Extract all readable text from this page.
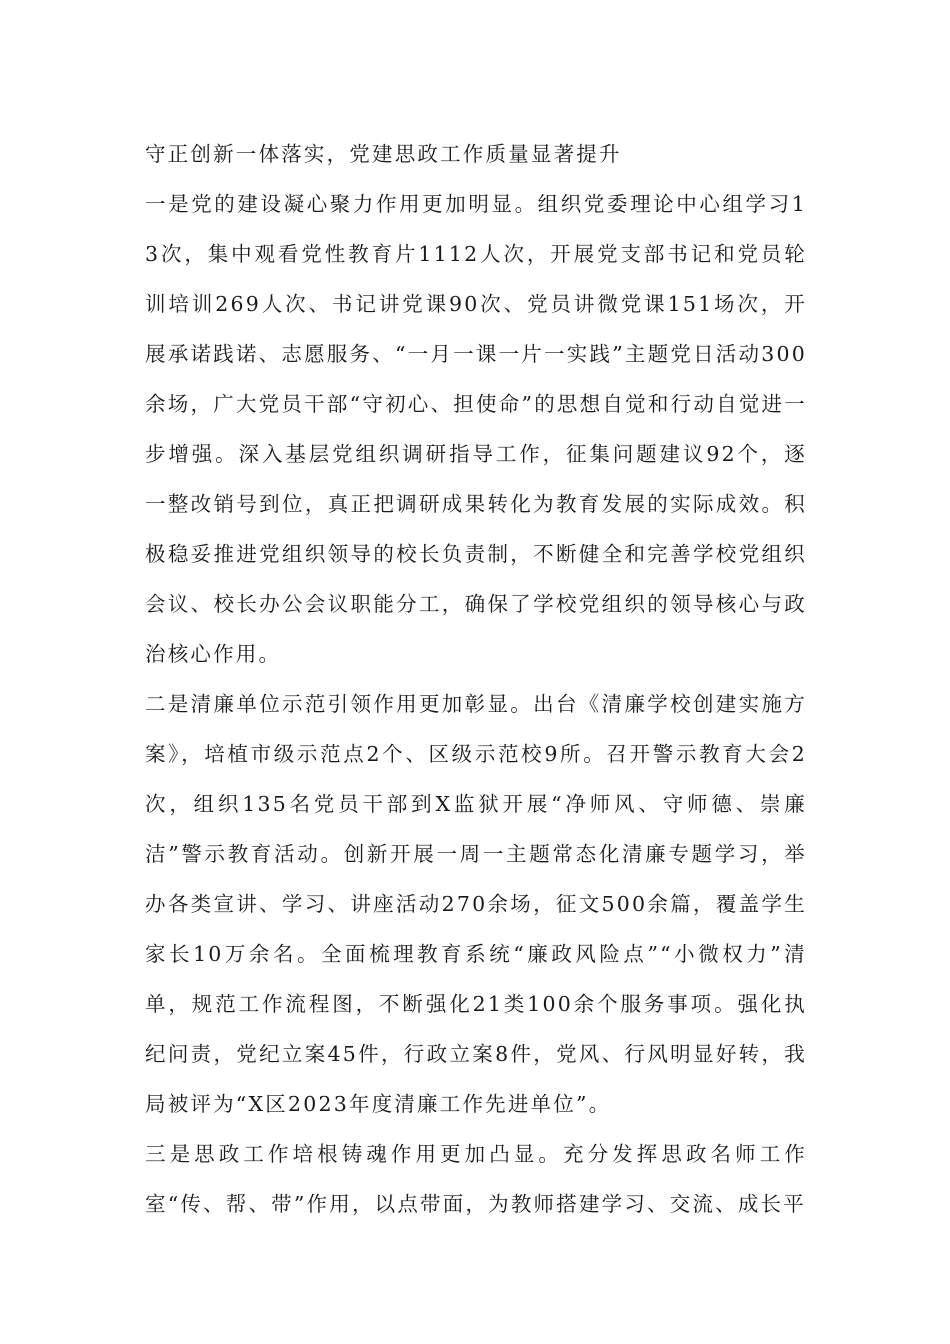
守正创新一体落实，党建思政工作质量显著提升

一是党的建设凝心聚力作用更加明显。组织党委理论中心组学习13次，集中观看党性教育片1112人次，开展党支部书记和党员轮训培训269人次、书记讲党课90次、党员讲微党课151场次，开展承诺践诺、志愿服务、“一月一课一片一实践”主题党日活动300余场，广大党员干部“守初心、担使命”的思想自觉和行动自觉进一步增强。深入基层党组织调研指导工作，征集问题建议92个，逐一整改销号到位，真正把调研成果转化为教育发展的实际成效。积极稳妥推进党组织领导的校长负责制，不断健全和完善学校党组织会议、校长办公会议职能分工，确保了学校党组织的领导核心与政治核心作用。

二是清廉单位示范引领作用更加彰显。出台《清廉学校创建实施方案》，培植市级示范点2个、区级示范校9所。召开警示教育大会2次，组织135名党员干部到X监狱开展“净师风、守师德、崇廉洁”警示教育活动。创新开展一周一主题常态化清廉专题学习，举办各类宣讲、学习、讲座活动270余场，征文500余篇，覆盖学生家长10万余名。全面梳理教育系统“廉政风险点”“小微权力”清单，规范工作流程图，不断强化21类100余个服务事项。强化执纪问责，党纪立案45件，行政立案8件，党风、行风明显好转，我局被评为“X区2023年度清廉工作先进单位”。

三是思政工作培根铸魂作用更加凸显。充分发挥思政名师工作室“传、帮、带”作用，以点带面，为教师搭建学习、交流、成长平
